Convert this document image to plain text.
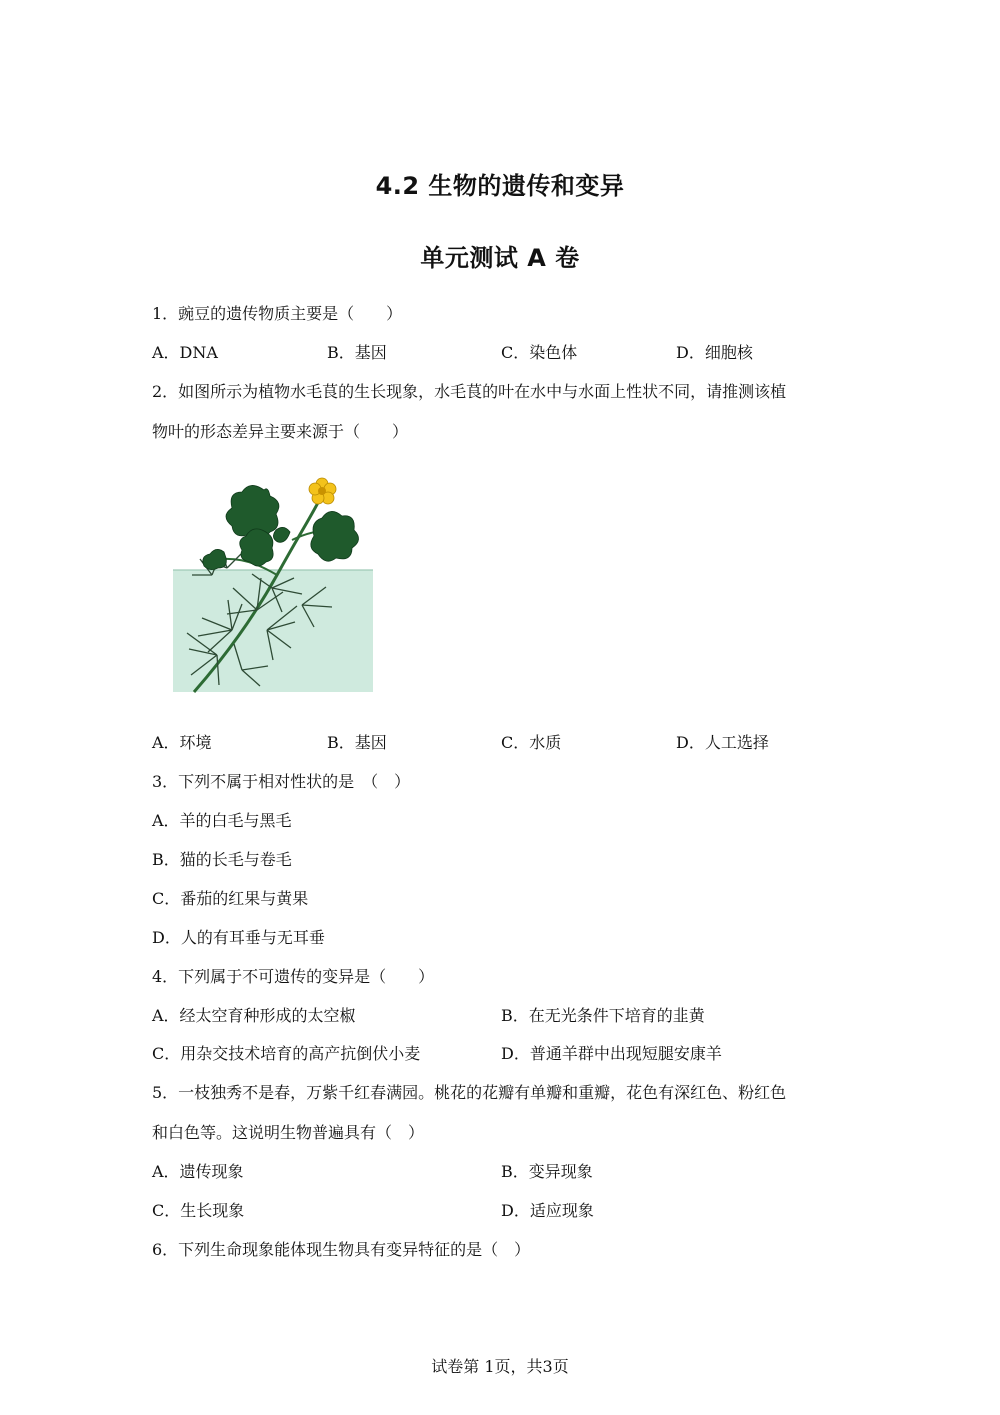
4.2 生物的遗传和变异
单元测试 A 卷
1．豌豆的遗传物质主要是（　　）
A．DNA	B．基因	C．染色体	D．细胞核
2．如图所示为植物水毛茛的生长现象，水毛茛的叶在水中与水面上性状不同，请推测该植
物叶的形态差异主要来源于（　　）
A．环境	B．基因	C．水质	D．人工选择
3．下列不属于相对性状的是　（　）
A．羊的白毛与黑毛
B．猫的长毛与卷毛
C．番茄的红果与黄果
D．人的有耳垂与无耳垂
4．下列属于不可遗传的变异是（　　）
A．经太空育种形成的太空椒	B．在无光条件下培育的韭黄
C．用杂交技术培育的高产抗倒伏小麦	D．普通羊群中出现短腿安康羊
5．一枝独秀不是春，万紫千红春满园。桃花的花瓣有单瓣和重瓣，花色有深红色、粉红色
和白色等。这说明生物普遍具有（　）
A．遗传现象	B．变异现象
C．生长现象	D．适应现象
6．下列生命现象能体现生物具有变异特征的是（　）
试卷第 1页，共3页
